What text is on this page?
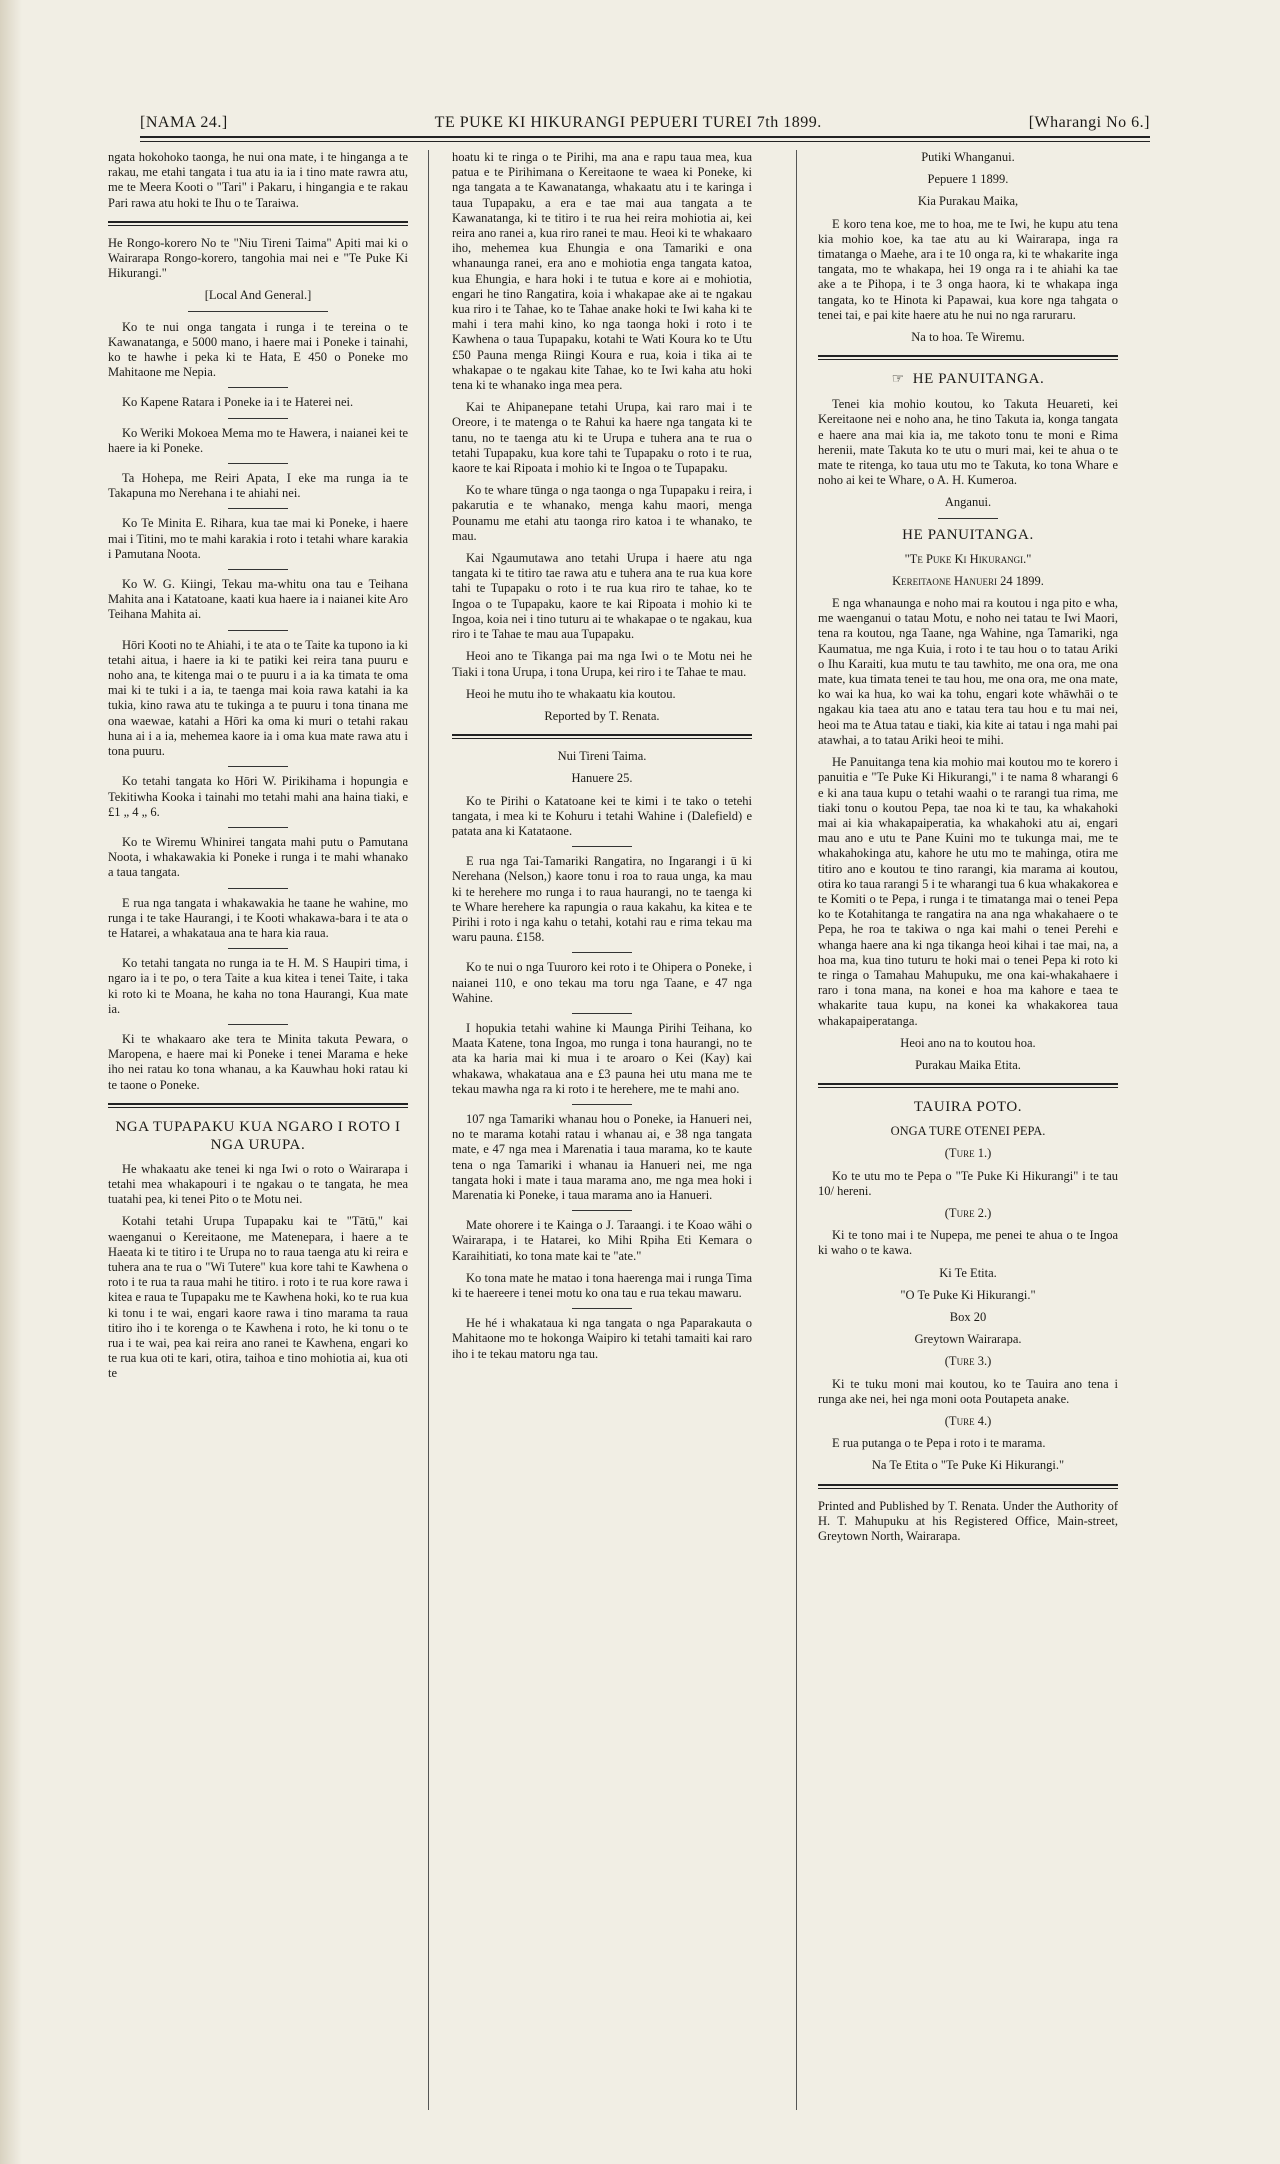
[NAMA 24.]	TE PUKE KI HIKURANGI PEPUERI TUREI 7th 1899.	[Wharangi No 6.]

ngata hokohoko taonga, he nui ona mate, i te hinganga a te rakau, me etahi tangata i tua atu ia ia i tino mate rawra atu, me te Meera Kooti o "Tari" i Pakaru, i hingangia e te rakau Pari rawa atu hoki te Ihu o te Taraiwa.

He Rongo-korero No te "Niu Tireni Taima" Apiti mai ki o Wairarapa Rongo-korero, tangohia mai nei e "Te Puke Ki Hikurangi."

[Local And General.]

Ko te nui onga tangata i runga i te tereina o te Kawanatanga, e 5000 mano, i haere mai i Poneke i tainahi, ko te hawhe i peka ki te Hata, E 450 o Poneke mo Mahitaone me Nepia.

Ko Kapene Ratara i Poneke ia i te Haterei nei.

Ko Weriki Mokoea Mema mo te Hawera, i naianei kei te haere ia ki Poneke.

Ta Hohepa, me Reiri Apata, I eke ma runga ia te Takapuna mo Nerehana i te ahiahi nei.

Ko Te Minita E. Rihara, kua tae mai ki Poneke, i haere mai i Titini, mo te mahi karakia i roto i tetahi whare karakia i Pamutana Noota.

Ko W. G. Kiingi, Tekau ma-whitu ona tau e Teihana Mahita ana i Katatoane, kaati kua haere ia i naianei kite Aro Teihana Mahita ai.

Hōri Kooti no te Ahiahi, i te ata o te Taite ka tupono ia ki tetahi aitua, i haere ia ki te patiki kei reira tana puuru e noho ana, te kitenga mai o te puuru i a ia ka timata te oma mai ki te tuki i a ia, te taenga mai koia rawa katahi ia ka tukia, kino rawa atu te tukinga a te puuru i tona tinana me ona waewae, katahi a Hōri ka oma ki muri o tetahi rakau huna ai i a ia, mehemea kaore ia i oma kua mate rawa atu i tona puuru.

Ko tetahi tangata ko Hōri W. Pirikihama i hopungia e Tekitiwha Kooka i tainahi mo tetahi mahi ana haina tiaki, e £1 „ 4 „ 6.

Ko te Wiremu Whinirei tangata mahi putu o Pamutana Noota, i whakawakia ki Poneke i runga i te mahi whanako a taua tangata.

E rua nga tangata i whakawakia he taane he wahine, mo runga i te take Haurangi, i te Kooti whakawa-bara i te ata o te Hatarei, a whakataua ana te hara kia raua.

Ko tetahi tangata no runga ia te H. M. S Haupiri tima, i ngaro ia i te po, o tera Taite a kua kitea i tenei Taite, i taka ki roto ki te Moana, he kaha no tona Haurangi, Kua mate ia.

Ki te whakaaro ake tera te Minita takuta Pewara, o Maropena, e haere mai ki Poneke i tenei Marama e heke iho nei ratau ko tona whanau, a ka Kauwhau hoki ratau ki te taone o Poneke.

NGA TUPAPAKU KUA NGARO I ROTO I NGA URUPA.

He whakaatu ake tenei ki nga Iwi o roto o Wairarapa i tetahi mea whakapouri i te ngakau o te tangata, he mea tuatahi pea, ki tenei Pito o te Motu nei.

Kotahi tetahi Urupa Tupapaku kai te "Tātū," kai waenganui o Kereitaone, me Matenepara, i haere a te Haeata ki te titiro i te Urupa no to raua taenga atu ki reira e tuhera ana te rua o "Wi Tutere" kua kore tahi te Kawhena o roto i te rua ta raua mahi he titiro. i roto i te rua kore rawa i kitea e raua te Tupapaku me te Kawhena hoki, ko te rua kua ki tonu i te wai, engari kaore rawa i tino marama ta raua titiro iho i te korenga o te Kawhena i roto, he ki tonu o te rua i te wai, pea kai reira ano ranei te Kawhena, engari ko te rua kua oti te kari, otira, taihoa e tino mohiotia ai, kua oti te

hoatu ki te ringa o te Pirihi, ma ana e rapu taua mea, kua patua e te Pirihimana o Kereitaone te waea ki Poneke, ki nga tangata a te Kawanatanga, whakaatu atu i te karinga i taua Tupapaku, a era e tae mai aua tangata a te Kawanatanga, ki te titiro i te rua hei reira mohiotia ai, kei reira ano ranei a, kua riro ranei te mau. Heoi ki te whakaaro iho, mehemea kua Ehungia e ona Tamariki e ona whanaunga ranei, era ano e mohiotia enga tangata katoa, kua Ehungia, e hara hoki i te tutua e kore ai e mohiotia, engari he tino Rangatira, koia i whakapae ake ai te ngakau kua riro i te Tahae, ko te Tahae anake hoki te Iwi kaha ki te mahi i tera mahi kino, ko nga taonga hoki i roto i te Kawhena o taua Tupapaku, kotahi te Wati Koura ko te Utu £50 Pauna menga Riingi Koura e rua, koia i tika ai te whakapae o te ngakau kite Tahae, ko te Iwi kaha atu hoki tena ki te whanako inga mea pera.

Kai te Ahipanepane tetahi Urupa, kai raro mai i te Oreore, i te matenga o te Rahui ka haere nga tangata ki te tanu, no te taenga atu ki te Urupa e tuhera ana te rua o tetahi Tupapaku, kua kore tahi te Tupapaku o roto i te rua, kaore te kai Ripoata i mohio ki te Ingoa o te Tupapaku.

Ko te whare tūnga o nga taonga o nga Tupapaku i reira, i pakarutia e te whanako, menga kahu maori, menga Pounamu me etahi atu taonga riro katoa i te whanako, te mau.

Kai Ngaumutawa ano tetahi Urupa i haere atu nga tangata ki te titiro tae rawa atu e tuhera ana te rua kua kore tahi te Tupapaku o roto i te rua kua riro te tahae, ko te Ingoa o te Tupapaku, kaore te kai Ripoata i mohio ki te Ingoa, koia nei i tino tuturu ai te whakapae o te ngakau, kua riro i te Tahae te mau aua Tupapaku.

Heoi ano te Tikanga pai ma nga Iwi o te Motu nei he Tiaki i tona Urupa, i tona Urupa, kei riro i te Tahae te mau.

Heoi he mutu iho te whakaatu kia koutou.

Reported by T. Renata.

Nui Tireni Taima.

Hanuere 25.

Ko te Pirihi o Katatoane kei te kimi i te tako o tetehi tangata, i mea ki te Kohuru i tetahi Wahine i (Dalefield) e patata ana ki Katataone.

E rua nga Tai-Tamariki Rangatira, no Ingarangi i ū ki Nerehana (Nelson,) kaore tonu i roa to raua unga, ka mau ki te herehere mo runga i to raua haurangi, no te taenga ki te Whare herehere ka rapungia o raua kakahu, ka kitea e te Pirihi i roto i nga kahu o tetahi, kotahi rau e rima tekau ma waru pauna. £158.

Ko te nui o nga Tuuroro kei roto i te Ohipera o Poneke, i naianei 110, e ono tekau ma toru nga Taane, e 47 nga Wahine.

I hopukia tetahi wahine ki Maunga Pirihi Teihana, ko Maata Katene, tona Ingoa, mo runga i tona haurangi, no te ata ka haria mai ki mua i te aroaro o Kei (Kay) kai whakawa, whakataua ana e £3 pauna hei utu mana me te tekau mawha nga ra ki roto i te herehere, me te mahi ano.

107 nga Tamariki whanau hou o Poneke, ia Hanueri nei, no te marama kotahi ratau i whanau ai, e 38 nga tangata mate, e 47 nga mea i Marenatia i taua marama, ko te kaute tena o nga Tamariki i whanau ia Hanueri nei, me nga tangata hoki i mate i taua marama ano, me nga mea hoki i Marenatia ki Poneke, i taua marama ano ia Hanueri.

Mate ohorere i te Kainga o J. Taraangi. i te Koao wāhi o Wairarapa, i te Hatarei, ko Mihi Rpiha Eti Kemara o Karaihitiati, ko tona mate kai te "ate."

Ko tona mate he matao i tona haerenga mai i runga Tima ki te haereere i tenei motu ko ona tau e rua tekau mawaru.

He hé i whakataua ki nga tangata o nga Paparakauta o Mahitaone mo te hokonga Waipiro ki tetahi tamaiti kai raro iho i te tekau matoru nga tau.

Putiki Whanganui.

Pepuere 1 1899.

Kia Purakau Maika,

E koro tena koe, me to hoa, me te Iwi, he kupu atu tena kia mohio koe, ka tae atu au ki Wairarapa, inga ra timatanga o Maehe, ara i te 10 onga ra, ki te whakarite inga tangata, mo te whakapa, hei 19 onga ra i te ahiahi ka tae ake a te Pihopa, i te 3 onga haora, ki te whakapa inga tangata, ko te Hinota ki Papawai, kua kore nga tahgata o tenei tai, e pai kite haere atu he nui no nga raruraru.

Na to hoa. Te Wiremu.

☞ HE PANUITANGA.

Tenei kia mohio koutou, ko Takuta Heuareti, kei Kereitaone nei e noho ana, he tino Takuta ia, konga tangata e haere ana mai kia ia, me takoto tonu te moni e Rima herenii, mate Takuta ko te utu o muri mai, kei te ahua o te mate te ritenga, ko taua utu mo te Takuta, ko tona Whare e noho ai kei te Whare, o A. H. Kumeroa.

Anganui.

HE PANUITANGA.

"Te Puke Ki Hikurangi."

Kereitaone Hanueri 24 1899.

E nga whanaunga e noho mai ra koutou i nga pito e wha, me waenganui o tatau Motu, e noho nei tatau te Iwi Maori, tena ra koutou, nga Taane, nga Wahine, nga Tamariki, nga Kaumatua, me nga Kuia, i roto i te tau hou o to tatau Ariki o Ihu Karaiti, kua mutu te tau tawhito, me ona ora, me ona mate, kua timata tenei te tau hou, me ona ora, me ona mate, ko wai ka hua, ko wai ka tohu, engari kote whāwhāi o te ngakau kia taea atu ano e tatau tera tau hou e tu mai nei, heoi ma te Atua tatau e tiaki, kia kite ai tatau i nga mahi pai atawhai, a to tatau Ariki heoi te mihi.

He Panuitanga tena kia mohio mai koutou mo te korero i panuitia e "Te Puke Ki Hikurangi," i te nama 8 wharangi 6 e ki ana taua kupu o tetahi waahi o te rarangi tua rima, me tiaki tonu o koutou Pepa, tae noa ki te tau, ka whakahoki mai ai kia whakapaiperatia, ka whakahoki atu ai, engari mau ano e utu te Pane Kuini mo te tukunga mai, me te whakahokinga atu, kahore he utu mo te mahinga, otira me titiro ano e koutou te tino rarangi, kia marama ai koutou, otira ko taua rarangi 5 i te wharangi tua 6 kua whakakorea e te Komiti o te Pepa, i runga i te timatanga mai o tenei Pepa ko te Kotahitanga te rangatira na ana nga whakahaere o te Pepa, he roa te takiwa o nga kai mahi o tenei Perehi e whanga haere ana ki nga tikanga heoi kihai i tae mai, na, a hoa ma, kua tino tuturu te hoki mai o tenei Pepa ki roto ki te ringa o Tamahau Mahupuku, me ona kai-whakahaere i raro i tona mana, na konei e hoa ma kahore e taea te whakarite taua kupu, na konei ka whakakorea taua whakapaiperatanga.

Heoi ano na to koutou hoa.

Purakau Maika Etita.

TAUIRA POTO.

ONGA TURE OTENEI PEPA.

(Ture 1.)

Ko te utu mo te Pepa o "Te Puke Ki Hikurangi" i te tau 10/ hereni.

(Ture 2.)

Ki te tono mai i te Nupepa, me penei te ahua o te Ingoa ki waho o te kawa.

Ki Te Etita.

"O Te Puke Ki Hikurangi."

Box 20

Greytown Wairarapa.

(Ture 3.)

Ki te tuku moni mai koutou, ko te Tauira ano tena i runga ake nei, hei nga moni oota Poutapeta anake.

(Ture 4.)

E rua putanga o te Pepa i roto i te marama.

Na Te Etita o "Te Puke Ki Hikurangi."

Printed and Published by T. Renata. Under the Authority of H. T. Mahupuku at his Registered Office, Main-street, Greytown North, Wairarapa.
